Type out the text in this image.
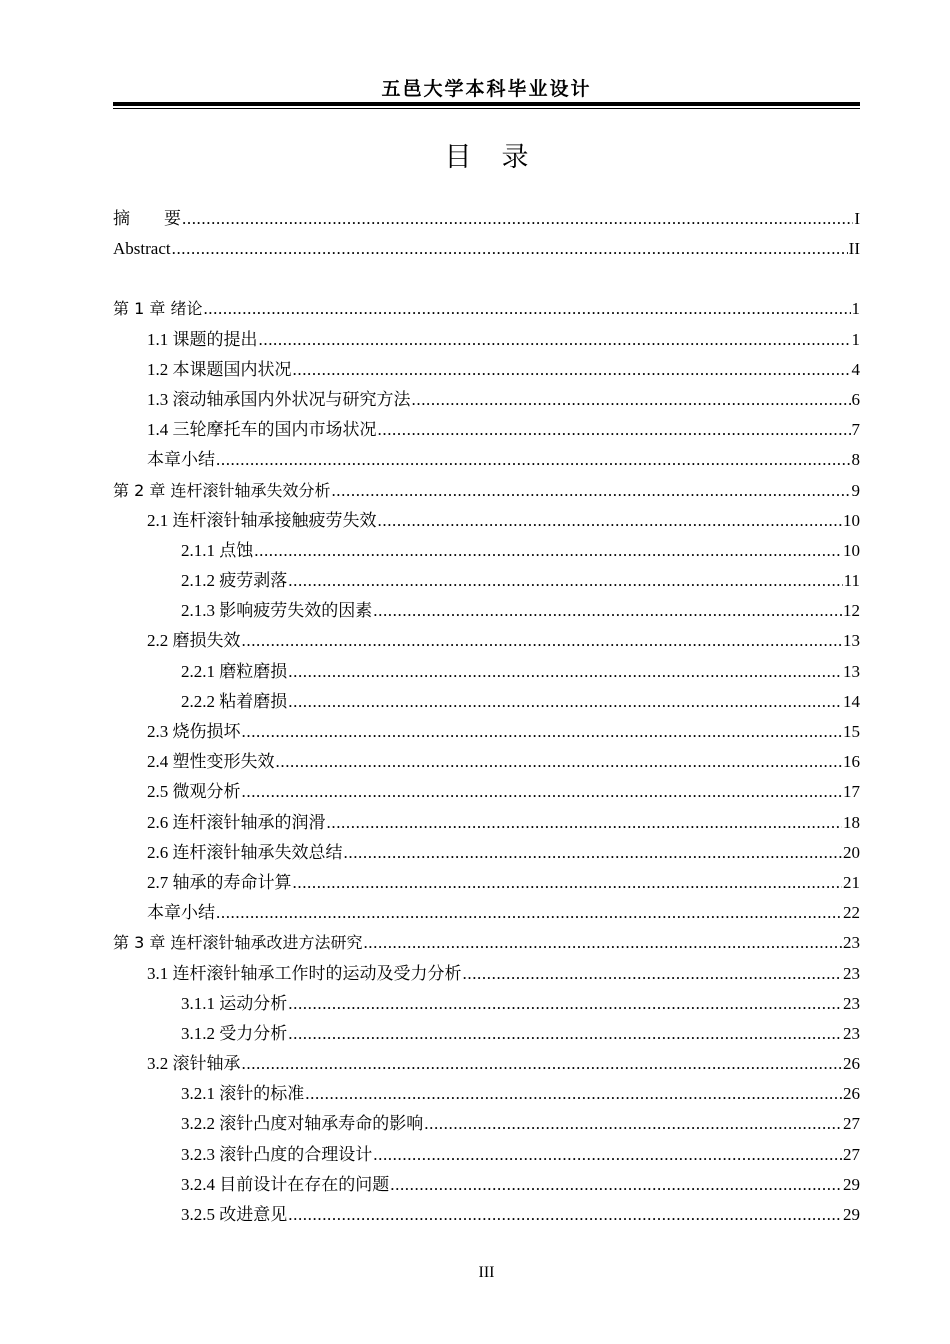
五邑大学本科毕业设计
目录
摘　　要 .....	I
Abstract .....	II
第 1 章 绪论 .....	1
1.1 课题的提出 .....	1
1.2 本课题国内状况 .....	4
1.3 滚动轴承国内外状况与研究方法 .....	6
1.4 三轮摩托车的国内市场状况 .....	7
本章小结 .....	8
第 2 章 连杆滚针轴承失效分析 .....	9
2.1 连杆滚针轴承接触疲劳失效 .....	10
2.1.1 点蚀 .....	10
2.1.2 疲劳剥落 .....	11
2.1.3 影响疲劳失效的因素 .....	12
2.2 磨损失效 .....	13
2.2.1 磨粒磨损 .....	13
2.2.2 粘着磨损 .....	14
2.3 烧伤损坏 .....	15
2.4 塑性变形失效 .....	16
2.5 微观分析 .....	17
2.6 连杆滚针轴承的润滑 .....	18
2.6 连杆滚针轴承失效总结 .....	20
2.7 轴承的寿命计算 .....	21
本章小结 .....	22
第 3 章 连杆滚针轴承改进方法研究 .....	23
3.1 连杆滚针轴承工作时的运动及受力分析 .....	23
3.1.1 运动分析 .....	23
3.1.2 受力分析 .....	23
3.2 滚针轴承 .....	26
3.2.1 滚针的标准 .....	26
3.2.2 滚针凸度对轴承寿命的影响 .....	27
3.2.3 滚针凸度的合理设计 .....	27
3.2.4 目前设计在存在的问题 .....	29
3.2.5 改进意见 .....	29
III
